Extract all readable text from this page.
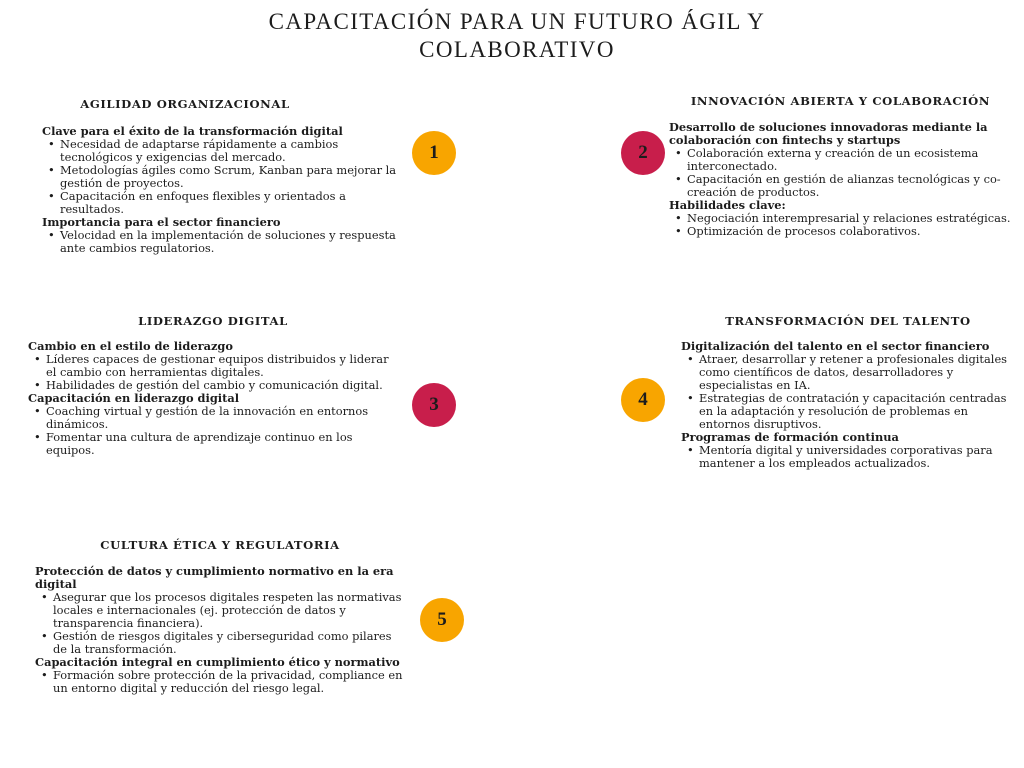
CAPACITACIÓN PARA UN FUTURO ÁGIL Y COLABORATIVO

AGILIDAD ORGANIZACIONAL

Clave para el éxito de la transformación digital

• Necesidad de adaptarse rápidamente a cambios tecnológicos y exigencias del mercado.
• Metodologías ágiles como Scrum, Kanban para mejorar la gestión de proyectos.
• Capacitación en enfoques flexibles y orientados a resultados.

Importancia para el sector financiero

• Velocidad en la implementación de soluciones y respuesta ante cambios regulatorios.
1

INNOVACIÓN ABIERTA Y COLABORACIÓN

Desarrollo de soluciones innovadoras mediante la colaboración con fintechs y startups

• Colaboración externa y creación de un ecosistema interconectado.
• Capacitación en gestión de alianzas tecnológicas y co-creación de productos.

Habilidades clave:

• Negociación interempresarial y relaciones estratégicas.
• Optimización de procesos colaborativos.
2

LIDERAZGO DIGITAL

Cambio en el estilo de liderazgo

• Líderes capaces de gestionar equipos distribuidos y liderar el cambio con herramientas digitales.
• Habilidades de gestión del cambio y comunicación digital.

Capacitación en liderazgo digital

• Coaching virtual y gestión de la innovación en entornos dinámicos.
• Fomentar una cultura de aprendizaje continuo en los equipos.
3

TRANSFORMACIÓN DEL TALENTO

Digitalización del talento en el sector financiero

• Atraer, desarrollar y retener a profesionales digitales como científicos de datos, desarrolladores y especialistas en IA.
• Estrategias de contratación y capacitación centradas en la adaptación y resolución de problemas en entornos disruptivos.

Programas de formación continua

• Mentoría digital y universidades corporativas para mantener a los empleados actualizados.
4

CULTURA ÉTICA Y REGULATORIA

Protección de datos y cumplimiento normativo en la era digital

• Asegurar que los procesos digitales respeten las normativas locales e internacionales (ej. protección de datos y transparencia financiera).
• Gestión de riesgos digitales y ciberseguridad como pilares de la transformación.

Capacitación integral en cumplimiento ético y normativo

• Formación sobre protección de la privacidad, compliance en un entorno digital y reducción del riesgo legal.
5
